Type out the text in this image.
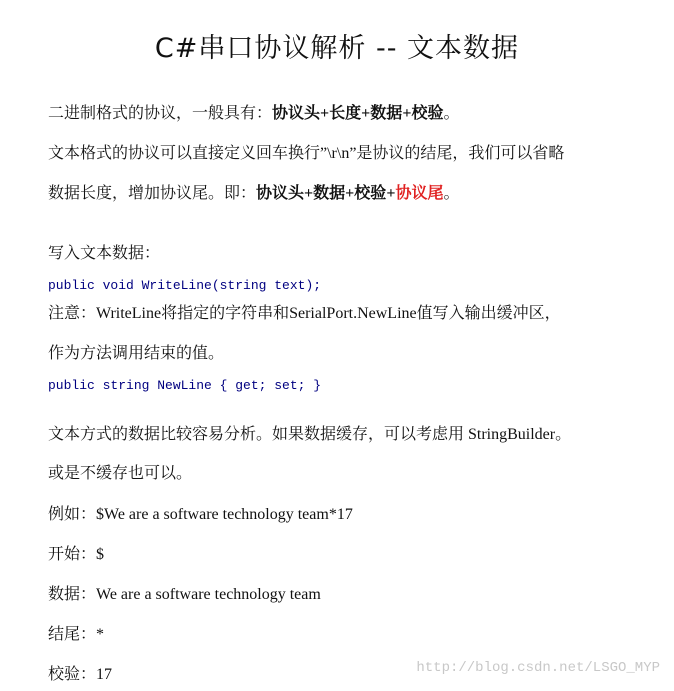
C#串口协议解析 -- 文本数据

二进制格式的协议，一般具有：协议头+长度+数据+校验。

文本格式的协议可以直接定义回车换行”\r\n”是协议的结尾，我们可以省略

数据长度，增加协议尾。即：协议头+数据+校验+协议尾。

写入文本数据：

public void WriteLine(string text);

注意：WriteLine将指定的字符串和SerialPort.NewLine值写入输出缓冲区，

作为方法调用结束的值。

public string NewLine { get; set; }

文本方式的数据比较容易分析。如果数据缓存，可以考虑用 StringBuilder。

或是不缓存也可以。

例如：$We are a software technology team*17

开始：$

数据：We are a software technology team

结尾：*

校验：17	http://blog.csdn.net/LSGO_MYP
